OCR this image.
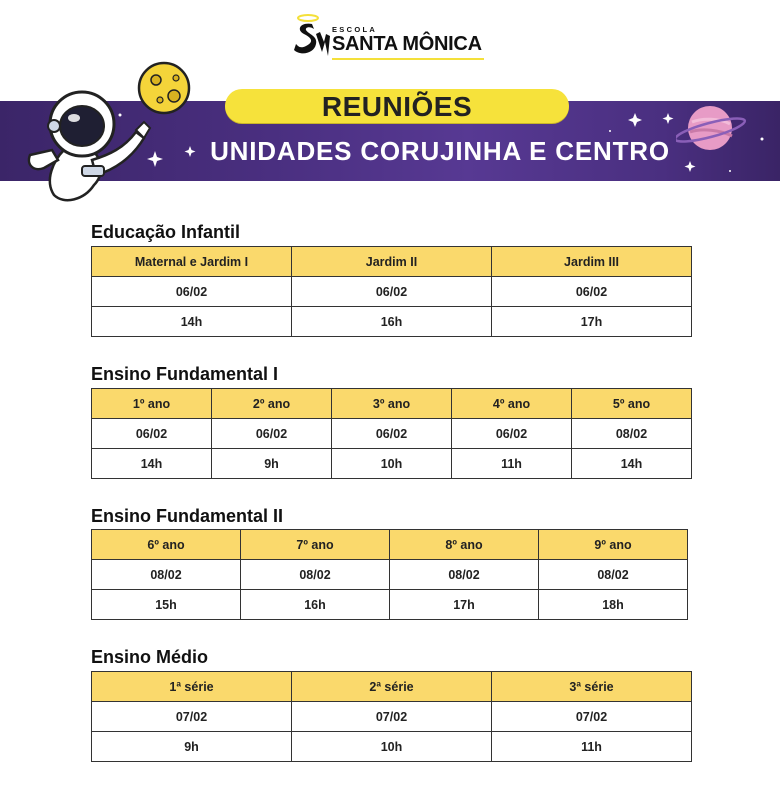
ESCOLA
SANTA MÔNICA
REUNIÕES
UNIDADES CORUJINHA E CENTRO
Educação Infantil
Maternal e Jardim I	Jardim II	Jardim III
06/02	06/02	06/02
14h	16h	17h
Ensino Fundamental I
1º ano	2º ano	3º ano	4º ano	5º ano
06/02	06/02	06/02	06/02	08/02
14h	9h	10h	11h	14h
Ensino Fundamental II
6º ano	7º ano	8º ano	9º ano
08/02	08/02	08/02	08/02
15h	16h	17h	18h
Ensino Médio
1ª série	2ª série	3ª série
07/02	07/02	07/02
9h	10h	11h
